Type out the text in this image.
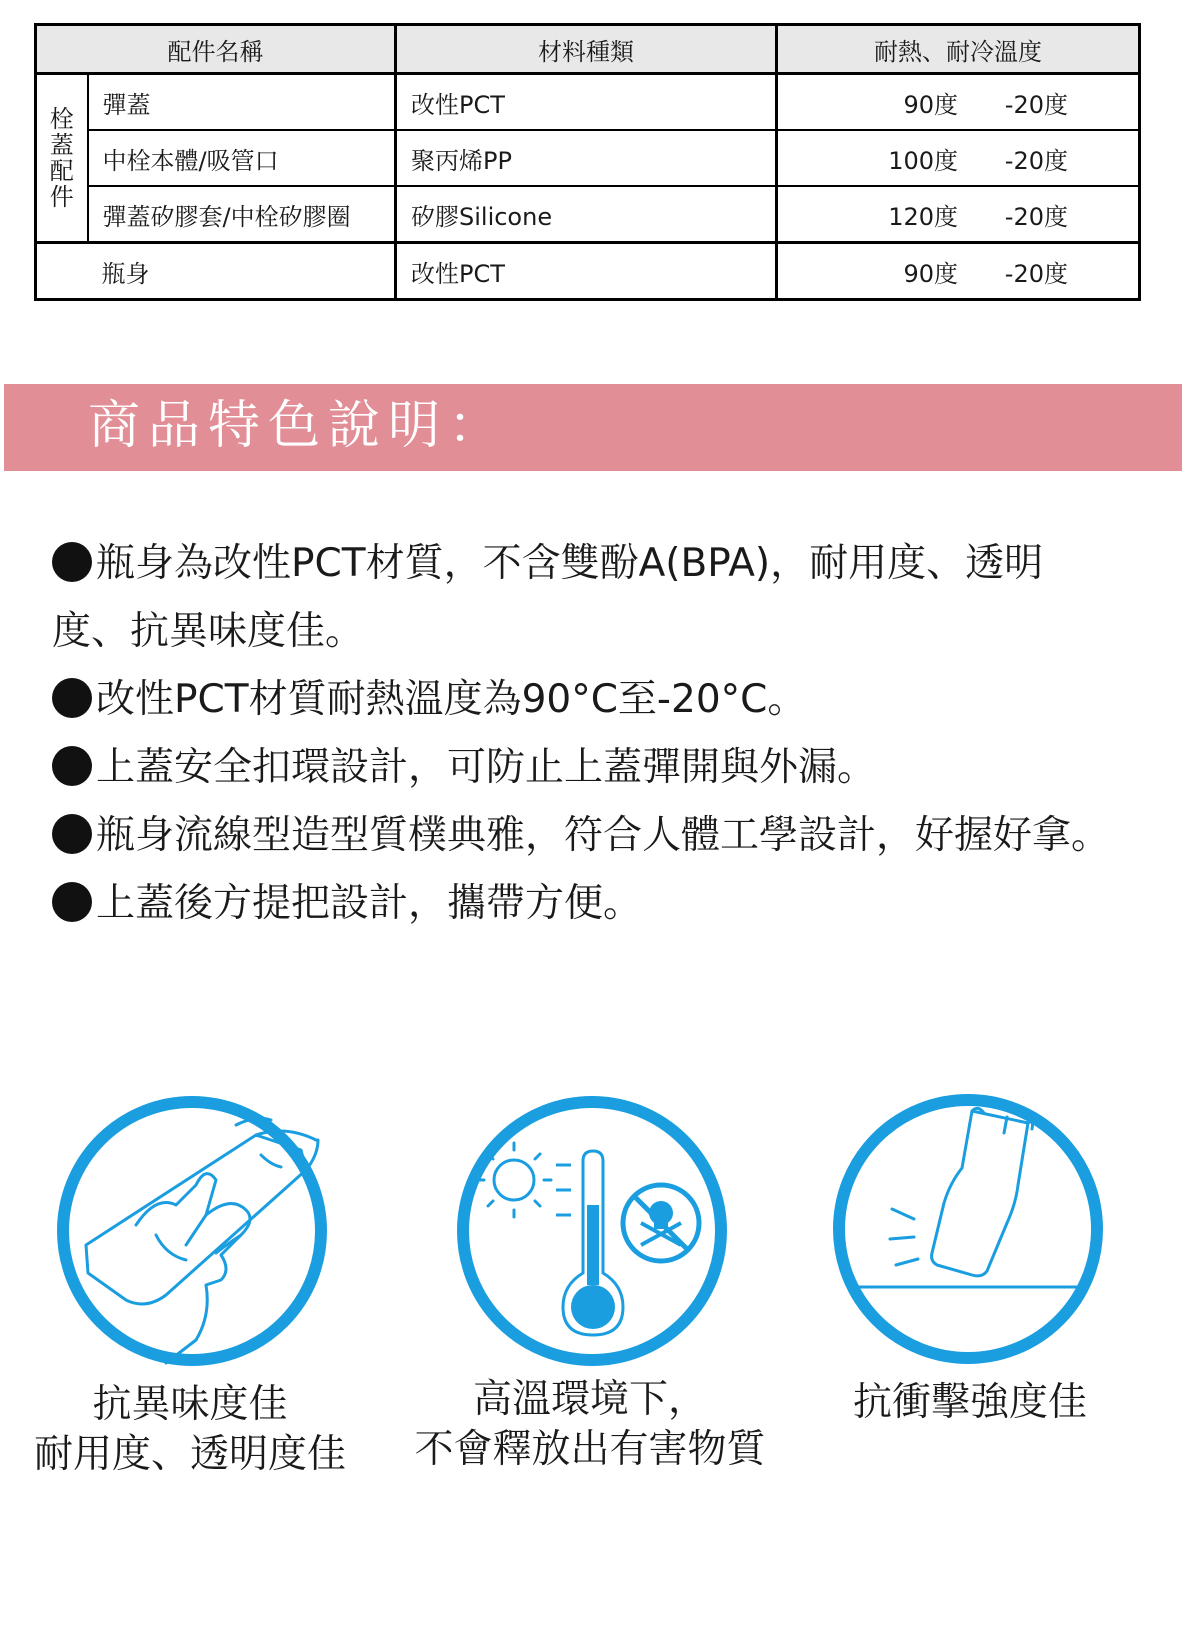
配件名稱		材料種類	耐熱、耐冷溫度
栓蓋配件	彈蓋	改性PCT	90度 -20度
	中栓本體/吸管口	聚丙烯PP	100度 -20度
	彈蓋矽膠套/中栓矽膠圈	矽膠Silicone	120度 -20度
	瓶身	改性PCT	90度 -20度
商品特色說明：

瓶身為改性PCT材質，不含雙酚A(BPA)，耐用度、透明度、抗異味度佳。

改性PCT材質耐熱溫度為90°C至-20°C。

上蓋安全扣環設計，可防止上蓋彈開與外漏。

瓶身流線型造型質樸典雅，符合人體工學設計，好握好拿。

上蓋後方提把設計，攜帶方便。

抗異味度佳
耐用度、透明度佳
高溫環境下，
不會釋放出有害物質
抗衝擊強度佳
